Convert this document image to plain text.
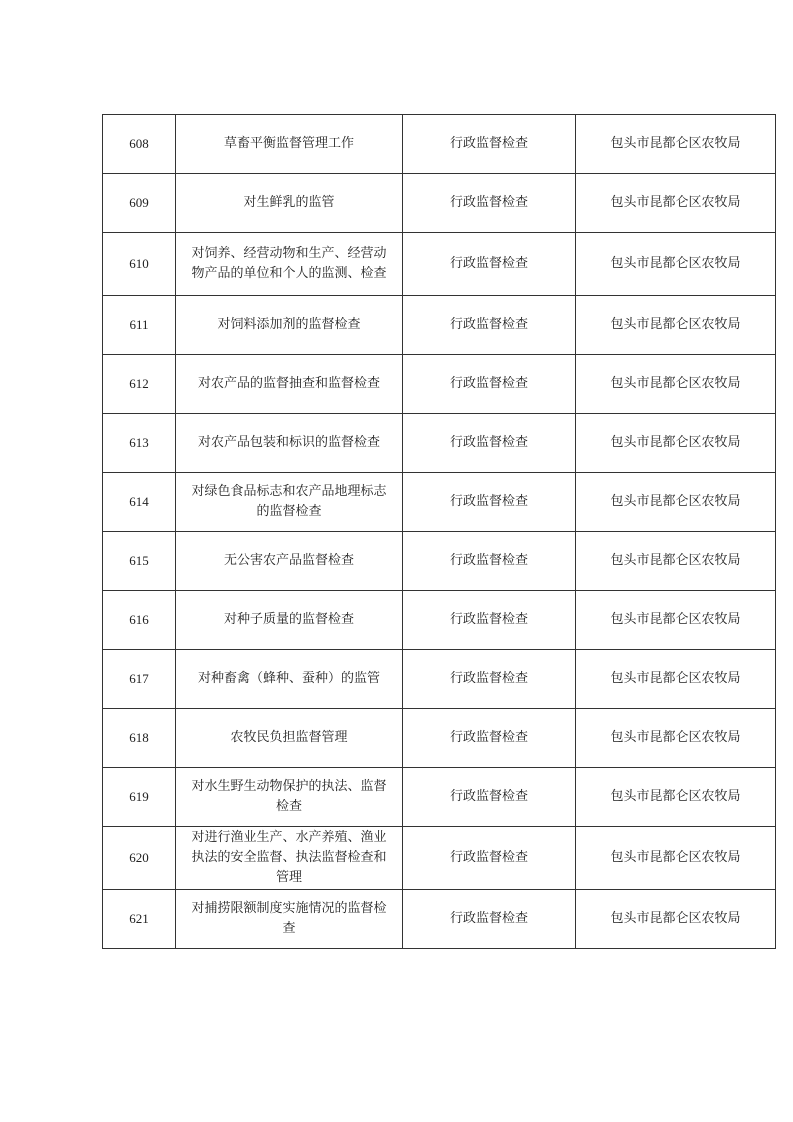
608	草畜平衡监督管理工作	行政监督检查	包头市昆都仑区农牧局
609	对生鲜乳的监管	行政监督检查	包头市昆都仑区农牧局
610	对饲养、经营动物和生产、经营动物产品的单位和个人的监测、检查	行政监督检查	包头市昆都仑区农牧局
611	对饲料添加剂的监督检查	行政监督检查	包头市昆都仑区农牧局
612	对农产品的监督抽查和监督检查	行政监督检查	包头市昆都仑区农牧局
613	对农产品包装和标识的监督检查	行政监督检查	包头市昆都仑区农牧局
614	对绿色食品标志和农产品地理标志的监督检查	行政监督检查	包头市昆都仑区农牧局
615	无公害农产品监督检查	行政监督检查	包头市昆都仑区农牧局
616	对种子质量的监督检查	行政监督检查	包头市昆都仑区农牧局
617	对种畜禽（蜂种、蚕种）的监管	行政监督检查	包头市昆都仑区农牧局
618	农牧民负担监督管理	行政监督检查	包头市昆都仑区农牧局
619	对水生野生动物保护的执法、监督检查	行政监督检查	包头市昆都仑区农牧局
620	对进行渔业生产、水产养殖、渔业执法的安全监督、执法监督检查和管理	行政监督检查	包头市昆都仑区农牧局
621	对捕捞限额制度实施情况的监督检查	行政监督检查	包头市昆都仑区农牧局
